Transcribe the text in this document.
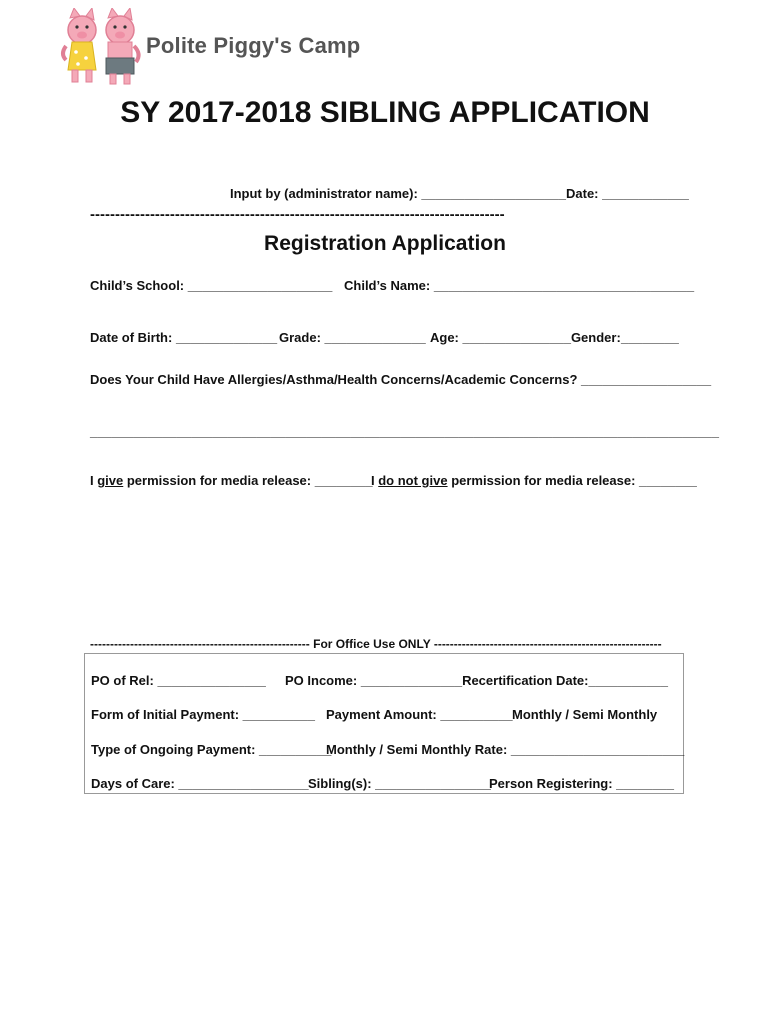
Polite Piggy's Camp
SY 2017-2018 SIBLING APPLICATION
Input by (administrator name): ____________________Date: ____________
-----------------------------------------------------------------------------------
Registration Application
Child’s School: ____________________ Child’s Name: ____________________________________
Date of Birth: ______________ Grade: ______________ Age: _______________Gender: ________
Does Your Child Have Allergies/Asthma/Health Concerns/Academic Concerns? __________________
_______________________________________________________________________________________
I give permission for media release: ________
I do not give permission for media release: ________
------------------------------------------------------- For Office Use ONLY ---------------------------------------------------------
PO of Rel: _______________ PO Income: ______________Recertification Date:___________
Form of Initial Payment: __________ Payment Amount: __________ Monthly / Semi Monthly
Type of Ongoing Payment: __________
Monthly / Semi Monthly Rate: ________________________
Days of Care: __________________ Sibling(s): ________________
Person Registering: ________
